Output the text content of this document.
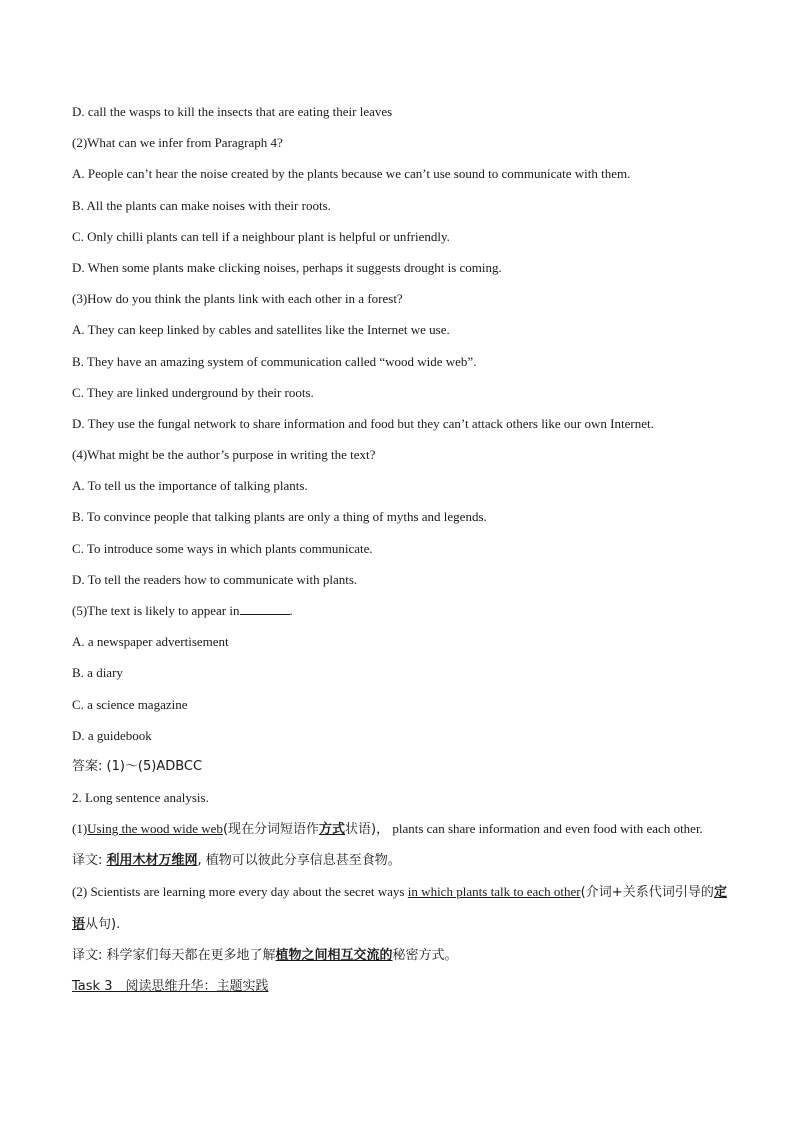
D. call the wasps to kill the insects that are eating their leaves
(2)What can we infer from Paragraph 4?
A. People can’t hear the noise created by the plants because we can’t use sound to communicate with them.
B. All the plants can make noises with their roots.
C. Only chilli plants can tell if a neighbour plant is helpful or unfriendly.
D. When some plants make clicking noises, perhaps it suggests drought is coming.
(3)How do you think the plants link with each other in a forest?
A. They can keep linked by cables and satellites like the Internet we use.
B. They have an amazing system of communication called “wood wide web”.
C. They are linked underground by their roots.
D. They use the fungal network to share information and food but they can’t attack others like our own Internet.
(4)What might be the author’s purpose in writing the text?
A. To tell us the importance of talking plants.
B. To convince people that talking plants are only a thing of myths and legends.
C. To introduce some ways in which plants communicate.
D. To tell the readers how to communicate with plants.
(5)The text is likely to appear in	.
A. a newspaper advertisement
B. a diary
C. a science magazine
D. a guidebook
答案: (1)～(5)ADBCC
2. Long sentence analysis.
(1)Using the wood wide web(现在分词短语作方式状语)， plants can share information and even food with each other.
译文: 利用木材万维网, 植物可以彼此分享信息甚至食物。
(2) Scientists are learning more every day about the secret ways in which plants talk to each other(介词+关系代词引导的定语从句).
译文: 科学家们每天都在更多地了解植物之间相互交流的秘密方式。
Task 3　阅读思维升华：主题实践
